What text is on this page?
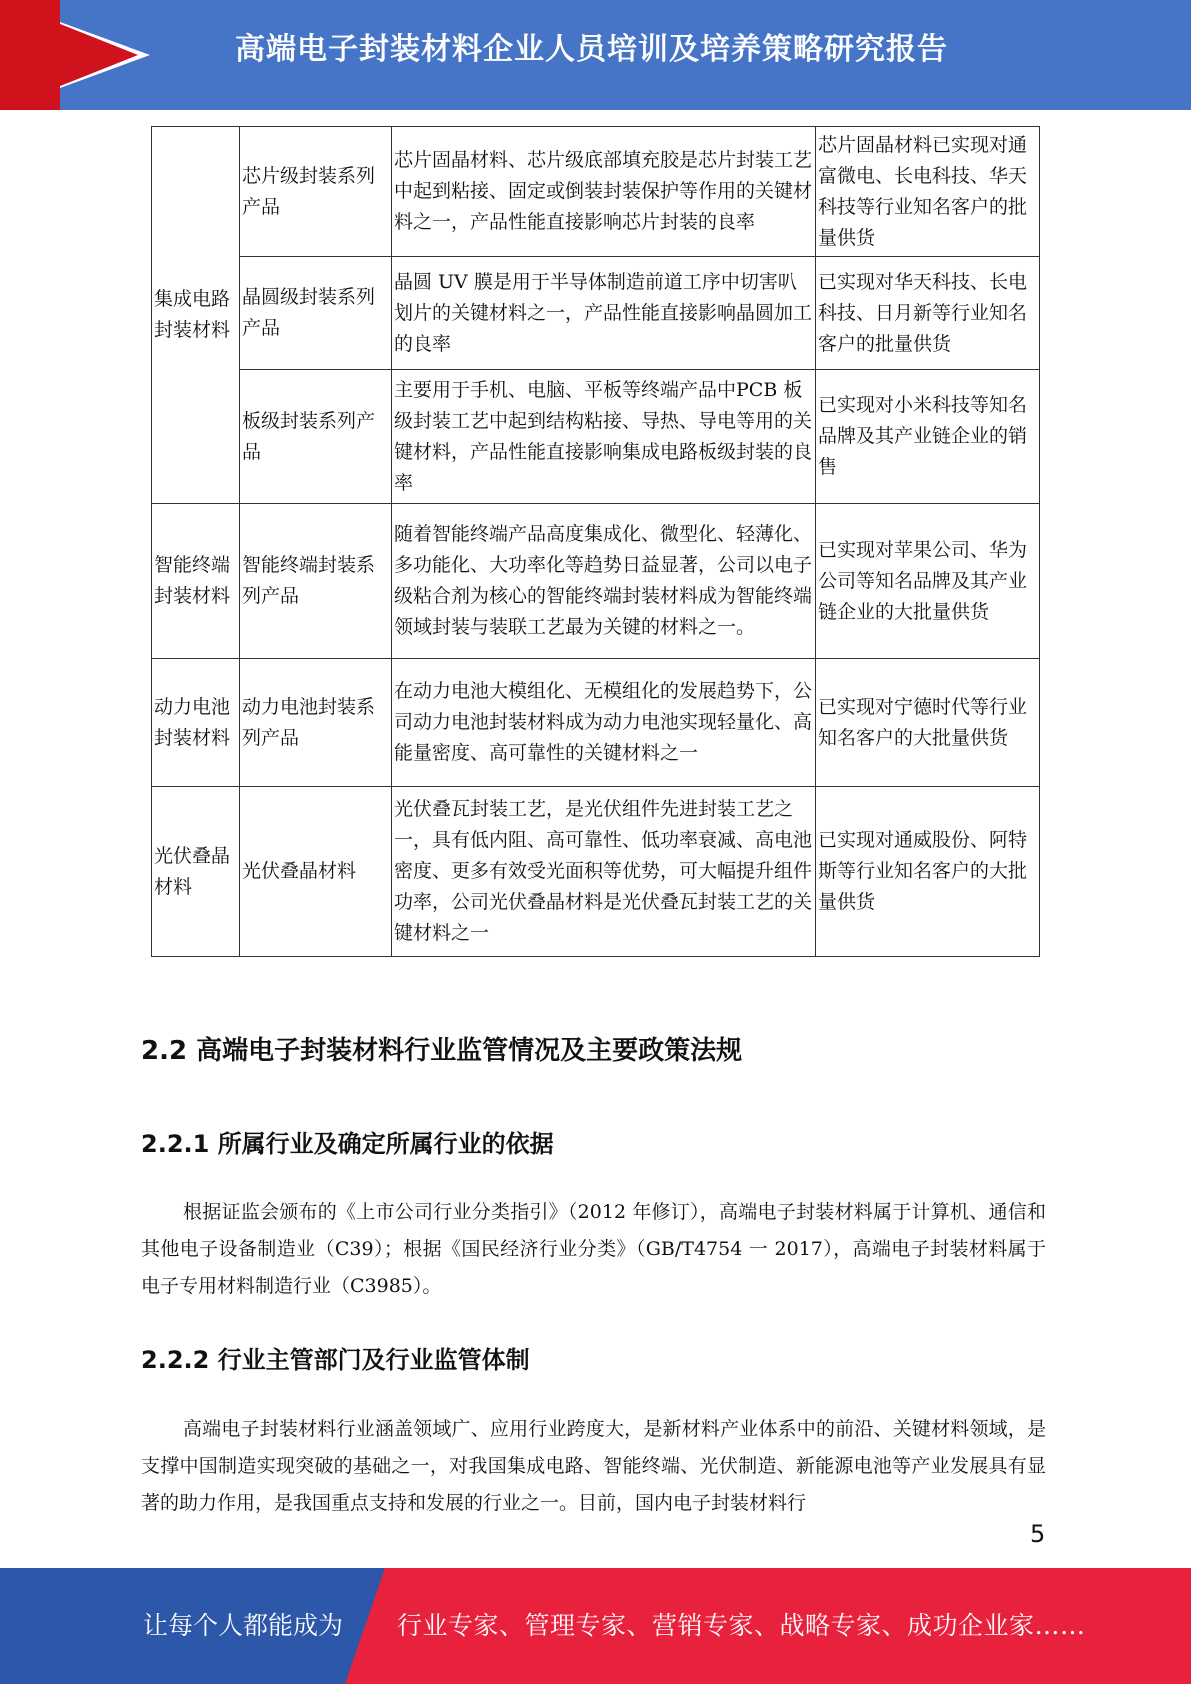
高端电子封装材料企业人员培训及培养策略研究报告
集成电路封装材料	芯片级封装系列产品	芯片固晶材料、芯片级底部填充胶是芯片封装工艺中起到粘接、固定或倒装封装保护等作用的关键材料之一，产品性能直接影响芯片封装的良率	芯片固晶材料已实现对通富微电、长电科技、华天科技等行业知名客户的批量供货
	晶圆级封装系列产品	晶圆 UV 膜是用于半导体制造前道工序中切害叭划片的关键材料之一，产品性能直接影响晶圆加工的良率	已实现对华天科技、长电科技、日月新等行业知名客户的批量供货
	板级封装系列产品	主要用于手机、电脑、平板等终端产品中PCB 板级封装工艺中起到结构粘接、导热、导电等用的关键材料，产品性能直接影响集成电路板级封装的良率	已实现对小米科技等知名品牌及其产业链企业的销售
智能终端封装材料	智能终端封装系列产品	随着智能终端产品高度集成化、微型化、轻薄化、多功能化、大功率化等趋势日益显著，公司以电子级粘合剂为核心的智能终端封装材料成为智能终端领域封装与装联工艺最为关键的材料之一。	已实现对苹果公司、华为公司等知名品牌及其产业链企业的大批量供货
动力电池封装材料	动力电池封装系列产品	在动力电池大模组化、无模组化的发展趋势下，公司动力电池封装材料成为动力电池实现轻量化、高能量密度、高可靠性的关键材料之一	已实现对宁德时代等行业知名客户的大批量供货
光伏叠晶材料	光伏叠晶材料	光伏叠瓦封装工艺，是光伏组件先进封装工艺之一，具有低内阻、高可靠性、低功率衰减、高电池密度、更多有效受光面积等优势，可大幅提升组件功率，公司光伏叠晶材料是光伏叠瓦封装工艺的关键材料之一	已实现对通威股份、阿特斯等行业知名客户的大批量供货
2.2 高端电子封装材料行业监管情况及主要政策法规
2.2.1 所属行业及确定所属行业的依据

根据证监会颁布的《上市公司行业分类指引》（2012 年修订），高端电子封装材料属于计算机、通信和其他电子设备制造业（C39）；根据《国民经济行业分类》（GB/T4754 一 2017），高端电子封装材料属于电子专用材料制造行业（C3985）。

2.2.2 行业主管部门及行业监管体制

高端电子封装材料行业涵盖领域广、应用行业跨度大，是新材料产业体系中的前沿、关键材料领域，是支撑中国制造实现突破的基础之一，对我国集成电路、智能终端、光伏制造、新能源电池等产业发展具有显著的助力作用，是我国重点支持和发展的行业之一。目前，国内电子封装材料行

5
让每个人都能成为 行业专家、管理专家、营销专家、战略专家、成功企业家……
